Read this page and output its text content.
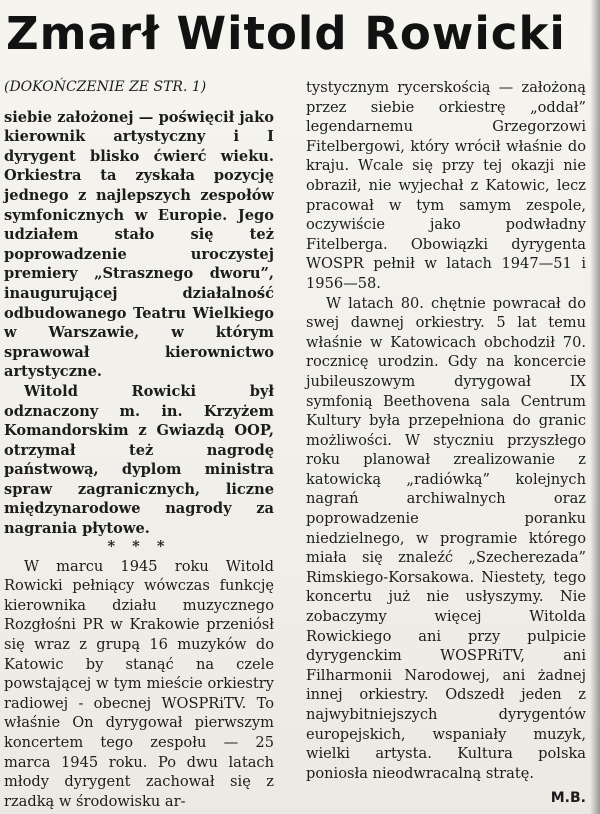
Zmarł Witold Rowicki

(DOKOŃCZENIE ZE STR. 1)

siebie założonej — poświęcił jako kierownik artystyczny i I dyrygent blisko ćwierć wieku. Orkiestra ta zyskała pozycję jednego z najlepszych zespołów symfonicznych w Europie. Jego udziałem stało się też poprowadzenie uroczystej premiery „Strasznego dworu”, inaugurującej działalność odbudowanego Teatru Wielkiego w Warszawie, w którym sprawował kierownictwo artystyczne.

Witold Rowicki był odznaczony m. in. Krzyżem Komandorskim z Gwiazdą OOP, otrzymał też nagrodę państwową, dyplom ministra spraw zagranicznych, liczne międzynarodowe nagrody za nagrania płytowe.

* * *

W marcu 1945 roku Witold Rowicki pełniący wówczas funkcję kierownika działu muzycznego Rozgłośni PR w Krakowie przeniósł się wraz z grupą 16 muzyków do Katowic by stanąć na czele powstającej w tym mieście orkiestry radiowej - obecnej WOSPRiTV. To właśnie On dyrygował pierwszym koncertem tego zespołu — 25 marca 1945 roku. Po dwu latach młody dyrygent zachował się z rzadką w środowisku ar-

tystycznym rycerskością — założoną przez siebie orkiestrę „oddał” legendarnemu Grzegorzowi Fitelbergowi, który wrócił właśnie do kraju. Wcale się przy tej okazji nie obraził, nie wyjechał z Katowic, lecz pracował w tym samym zespole, oczywiście jako podwładny Fitelberga. Obowiązki dyrygenta WOSPR pełnił w latach 1947—51 i 1956—58.

W latach 80. chętnie powracał do swej dawnej orkiestry. 5 lat temu właśnie w Katowicach obchodził 70. rocznicę urodzin. Gdy na koncercie jubileuszowym dyrygował IX symfonią Beethovena sala Centrum Kultury była przepełniona do granic możliwości. W styczniu przyszłego roku planował zrealizowanie z katowicką „radiówką” kolejnych nagrań archiwalnych oraz poprowadzenie poranku niedzielnego, w programie którego miała się znaleźć „Szecherezada” Rimskiego-Korsakowa. Niestety, tego koncertu już nie usłyszymy. Nie zobaczymy więcej Witolda Rowickiego ani przy pulpicie dyrygenckim WOSPRiTV, ani Filharmonii Narodowej, ani żadnej innej orkiestry. Odszedł jeden z najwybitniejszych dyrygentów europejskich, wspaniały muzyk, wielki artysta. Kultura polska poniosła nieodwracalną stratę.

M.B.
